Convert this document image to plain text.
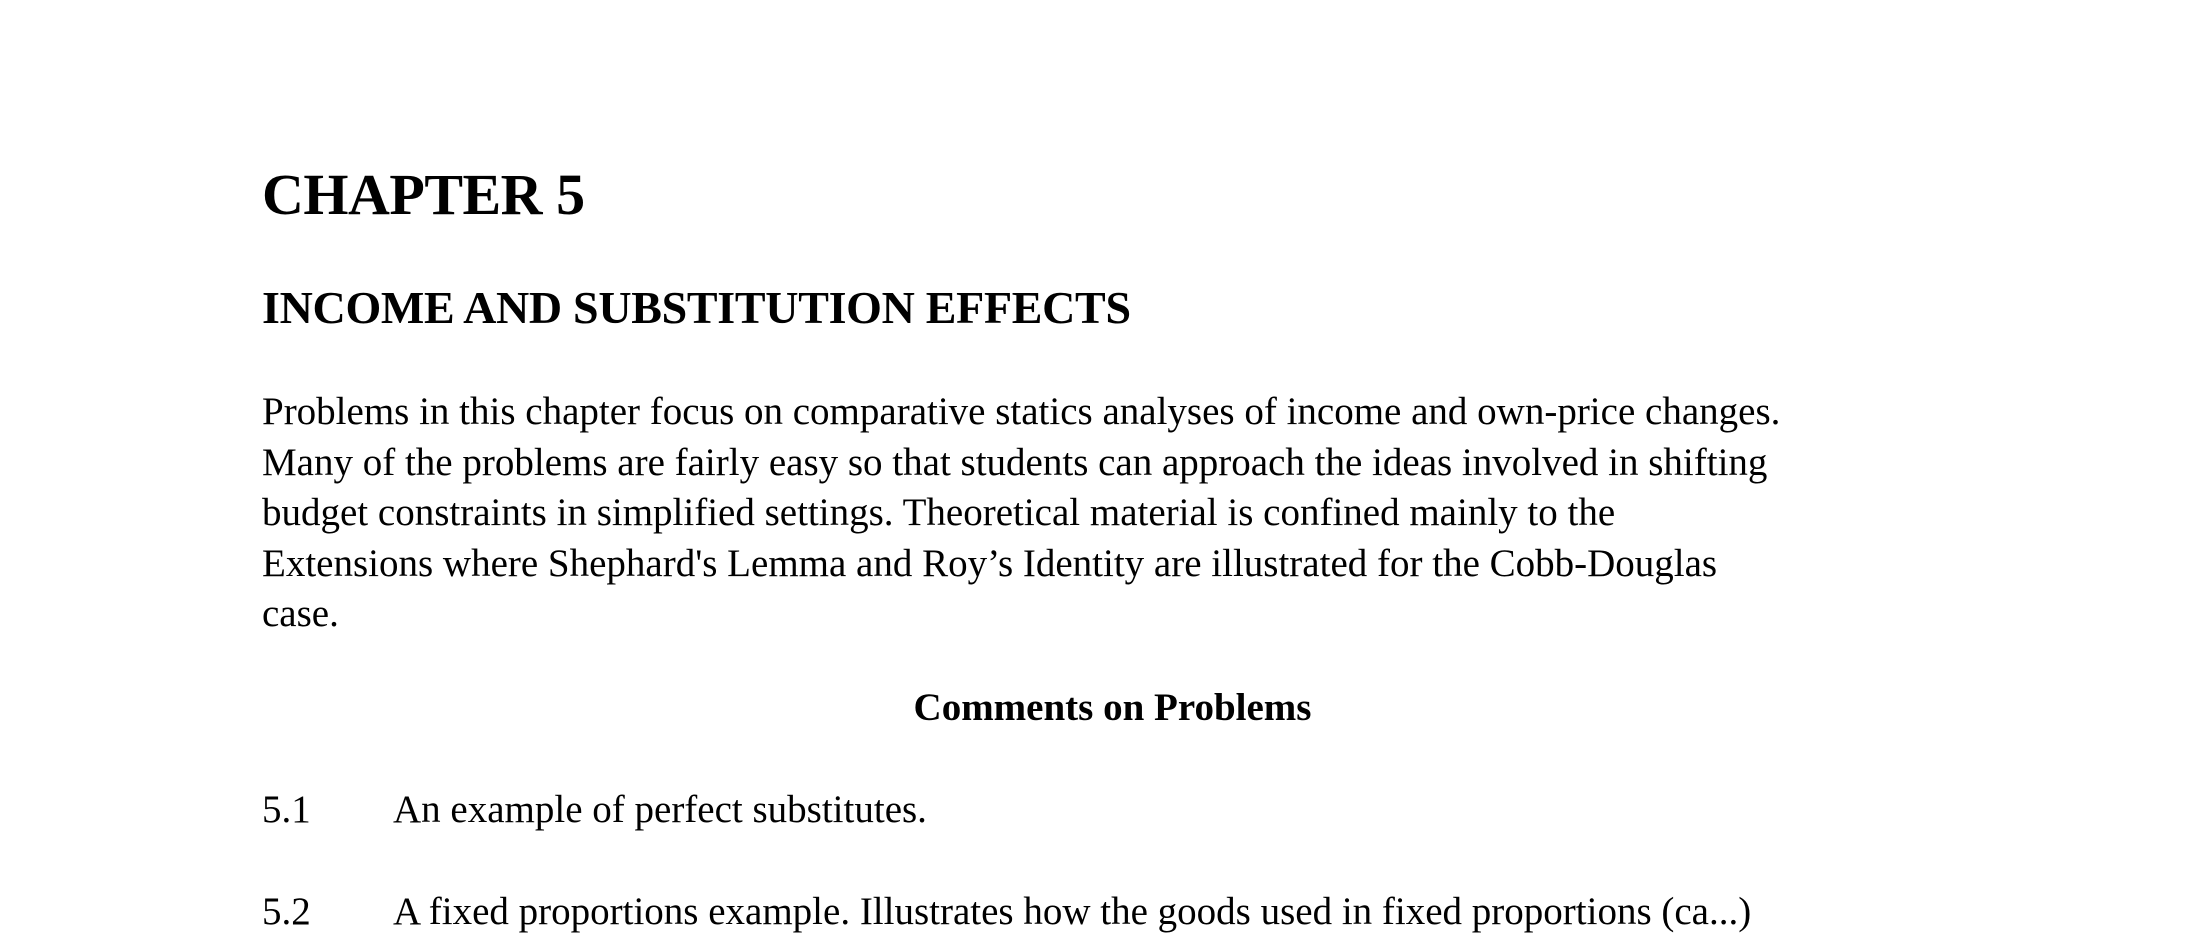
CHAPTER 5
INCOME AND SUBSTITUTION EFFECTS

Problems in this chapter focus on comparative statics analyses of income and own-price changes.
Many of the problems are fairly easy so that students can approach the ideas involved in shifting
budget constraints in simplified settings. Theoretical material is confined mainly to the
Extensions where Shephard's Lemma and Roy’s Identity are illustrated for the Cobb-Douglas
case.

Comments on Problems
5.1 An example of perfect substitutes.
5.2 A fixed proportions example. Illustrates how the goods used in fixed proportions (ca...)
